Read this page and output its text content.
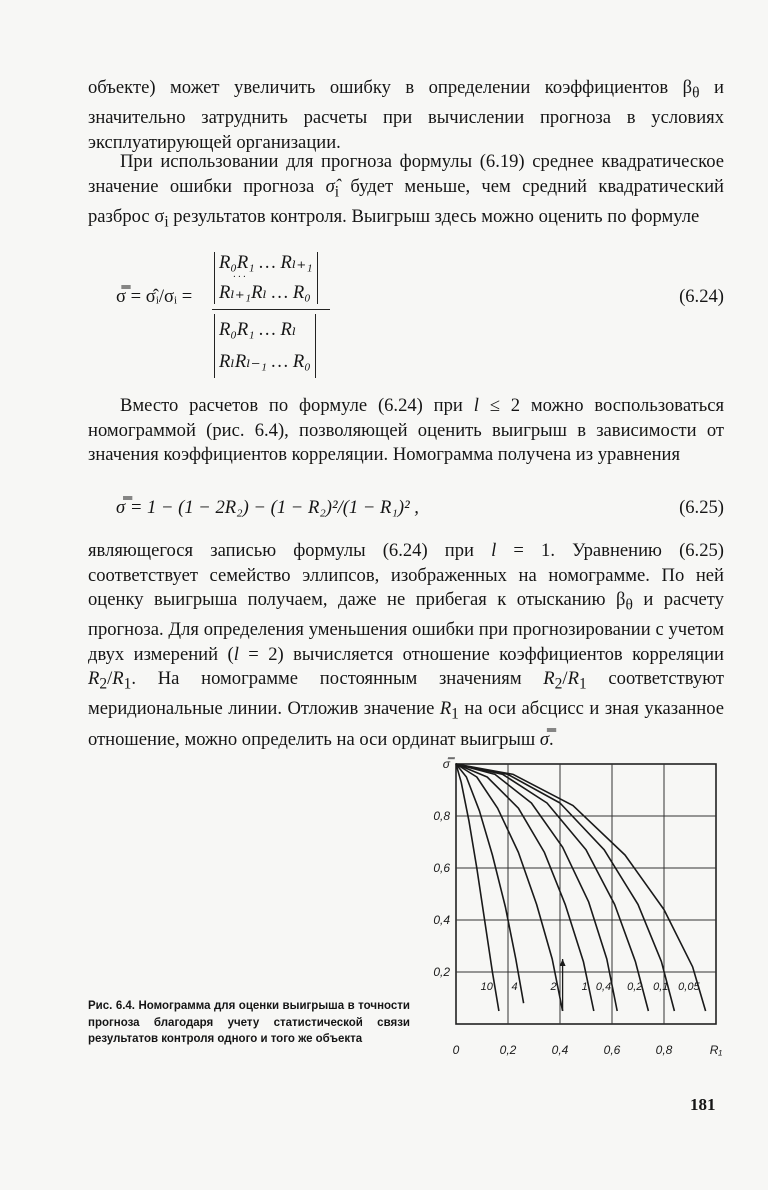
объекте) может увеличить ошибку в определении коэффициентов $\beta_\theta$ и значительно затруднить расчеты при вычислении прогноза в условиях эксплуатирующей организации.

При использовании для прогноза формулы (6.19) среднее квадратическое значение ошибки прогноза $\sigmâ_i$ будет меньше, чем средний квадратический разброс $\sigma_i$ результатов контроля. Выигрыш здесь можно оценить по формуле

σ̿ = σ̂ᵢ/σᵢ =
R₀R₁ … Rₗ₊₁
· · ·
Rₗ₊₁Rₗ … R₀
R₀R₁ … Rₗ
RₗRₗ₋₁ … R₀
(6.24)

Вместо расчетов по формуле (6.24) при l ≤ 2 можно воспользоваться номограммой (рис. 6.4), позволяющей оценить выигрыш в зависимости от значения коэффициентов корреляции. Номограмма получена из уравнения

σ̿ = 1 − (1 − 2R₂) − (1 − R₂)²/(1 − R₁)² ,	(6.25)

являющегося записью формулы (6.24) при l = 1. Уравнению (6.25) соответствует семейство эллипсов, изображенных на номограмме. По ней оценку выигрыша получаем, даже не прибегая к отысканию $\beta_\theta$ и расчету прогноза. Для определения уменьшения ошибки при прогнозировании с учетом двух измерений (l = 2) вычисляется отношение коэффициентов корреляции $R_2/R_1$. На номограмме постоянным значениям $R_2/R_1$ соответствуют меридиональные линии. Отложив значение $R_1$ на оси абсцисс и зная указанное отношение, можно определить на оси ординат выигрыш σ̿.

0	0,2	0,4	0,6	0,8	R₁
0,2
0,4
0,6
0,8
σ̿
10 4	2 1 0,4 0,2 0,1 0,05

Рис. 6.4. Номограмма для оценки выигрыша в точности прогноза благодаря учету статистической связи результатов контроля одного и того же объекта

181
